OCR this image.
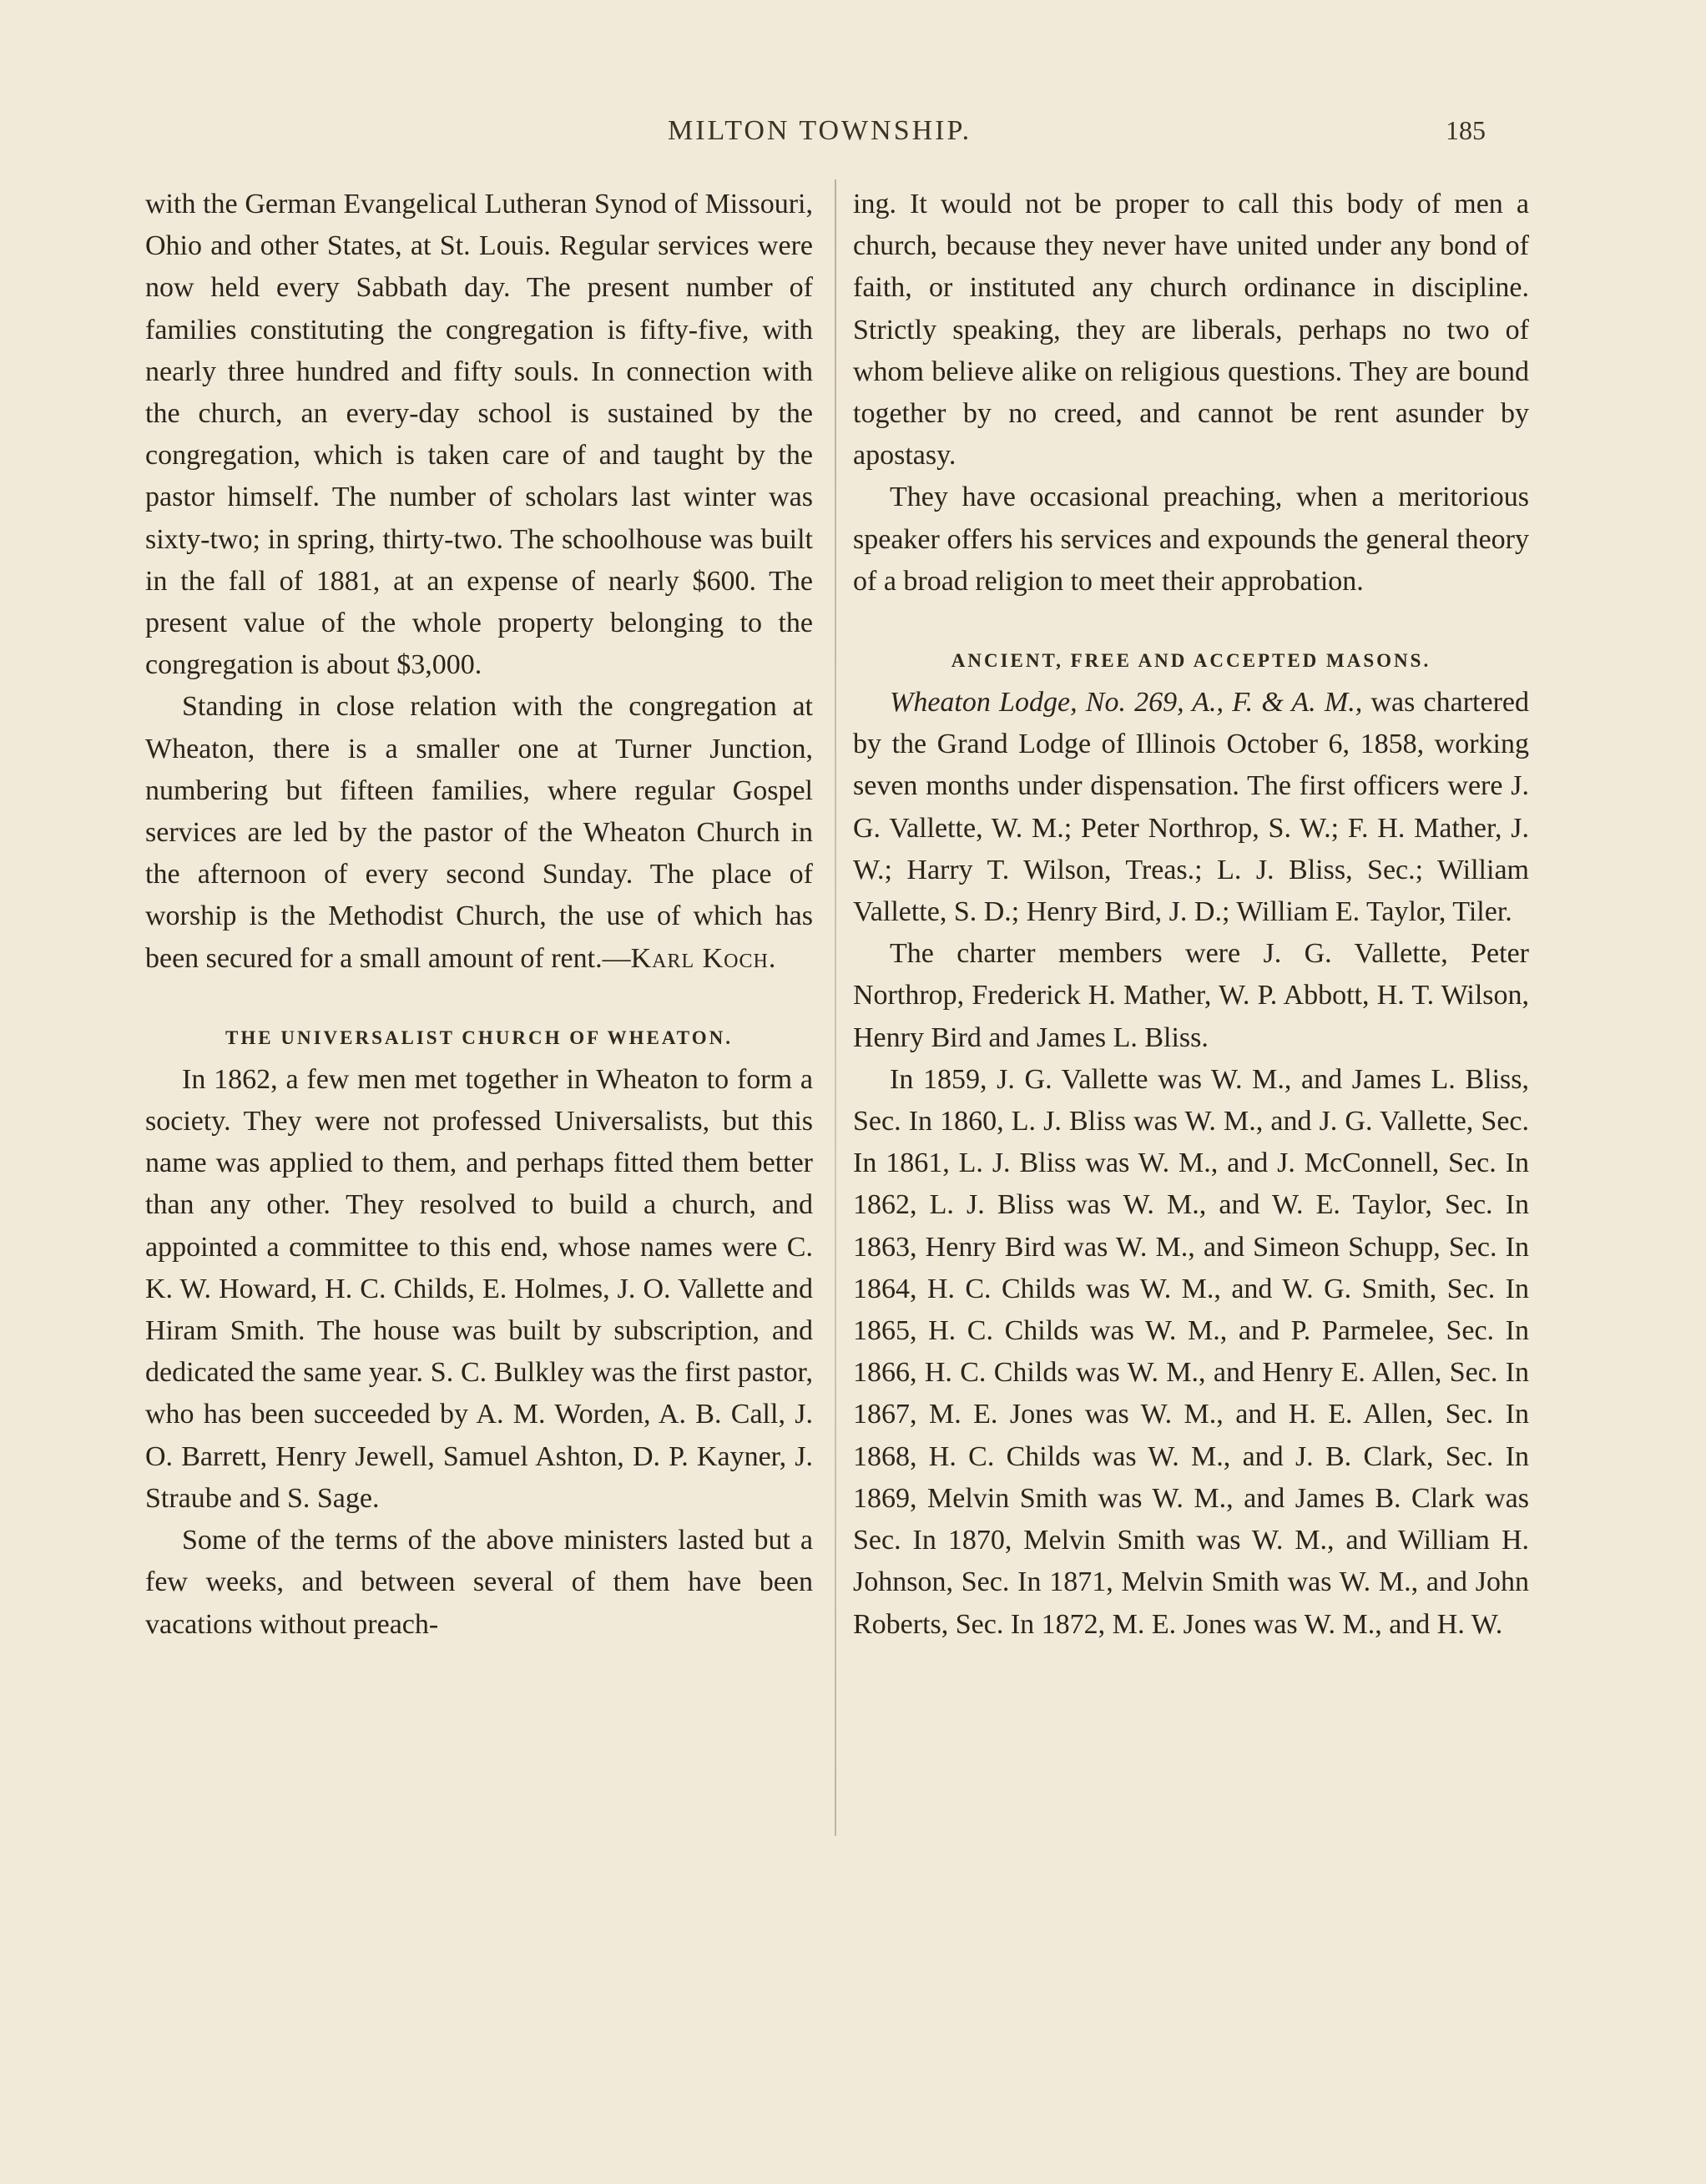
MILTON TOWNSHIP.	185

with the German Evangelical Lutheran Synod of Missouri, Ohio and other States, at St. Louis. Regular services were now held every Sabbath day. The present number of families constituting the congregation is fifty-five, with nearly three hundred and fifty souls. In connection with the church, an every-day school is sustained by the congregation, which is taken care of and taught by the pastor himself. The number of scholars last winter was sixty-two; in spring, thirty-two. The schoolhouse was built in the fall of 1881, at an expense of nearly $600. The present value of the whole property belonging to the congregation is about $3,000.

Standing in close relation with the congregation at Wheaton, there is a smaller one at Turner Junction, numbering but fifteen families, where regular Gospel services are led by the pastor of the Wheaton Church in the afternoon of every second Sunday. The place of worship is the Methodist Church, the use of which has been secured for a small amount of rent.—Karl Koch.

THE UNIVERSALIST CHURCH OF WHEATON.

In 1862, a few men met together in Wheaton to form a society. They were not professed Universalists, but this name was applied to them, and perhaps fitted them better than any other. They resolved to build a church, and appointed a committee to this end, whose names were C. K. W. Howard, H. C. Childs, E. Holmes, J. O. Vallette and Hiram Smith. The house was built by subscription, and dedicated the same year. S. C. Bulkley was the first pastor, who has been succeeded by A. M. Worden, A. B. Call, J. O. Barrett, Henry Jewell, Samuel Ashton, D. P. Kayner, J. Straube and S. Sage.

Some of the terms of the above ministers lasted but a few weeks, and between several of them have been vacations without preach-

ing. It would not be proper to call this body of men a church, because they never have united under any bond of faith, or instituted any church ordinance in discipline. Strictly speaking, they are liberals, perhaps no two of whom believe alike on religious questions. They are bound together by no creed, and cannot be rent asunder by apostasy.

They have occasional preaching, when a meritorious speaker offers his services and expounds the general theory of a broad religion to meet their approbation.

ANCIENT, FREE AND ACCEPTED MASONS.

Wheaton Lodge, No. 269, A., F. & A. M., was chartered by the Grand Lodge of Illinois October 6, 1858, working seven months under dispensation. The first officers were J. G. Vallette, W. M.; Peter Northrop, S. W.; F. H. Mather, J. W.; Harry T. Wilson, Treas.; L. J. Bliss, Sec.; William Vallette, S. D.; Henry Bird, J. D.; William E. Taylor, Tiler.

The charter members were J. G. Vallette, Peter Northrop, Frederick H. Mather, W. P. Abbott, H. T. Wilson, Henry Bird and James L. Bliss.

In 1859, J. G. Vallette was W. M., and James L. Bliss, Sec. In 1860, L. J. Bliss was W. M., and J. G. Vallette, Sec. In 1861, L. J. Bliss was W. M., and J. McConnell, Sec. In 1862, L. J. Bliss was W. M., and W. E. Taylor, Sec. In 1863, Henry Bird was W. M., and Simeon Schupp, Sec. In 1864, H. C. Childs was W. M., and W. G. Smith, Sec. In 1865, H. C. Childs was W. M., and P. Parmelee, Sec. In 1866, H. C. Childs was W. M., and Henry E. Allen, Sec. In 1867, M. E. Jones was W. M., and H. E. Allen, Sec. In 1868, H. C. Childs was W. M., and J. B. Clark, Sec. In 1869, Melvin Smith was W. M., and James B. Clark was Sec. In 1870, Melvin Smith was W. M., and William H. Johnson, Sec. In 1871, Melvin Smith was W. M., and John Roberts, Sec. In 1872, M. E. Jones was W. M., and H. W.
